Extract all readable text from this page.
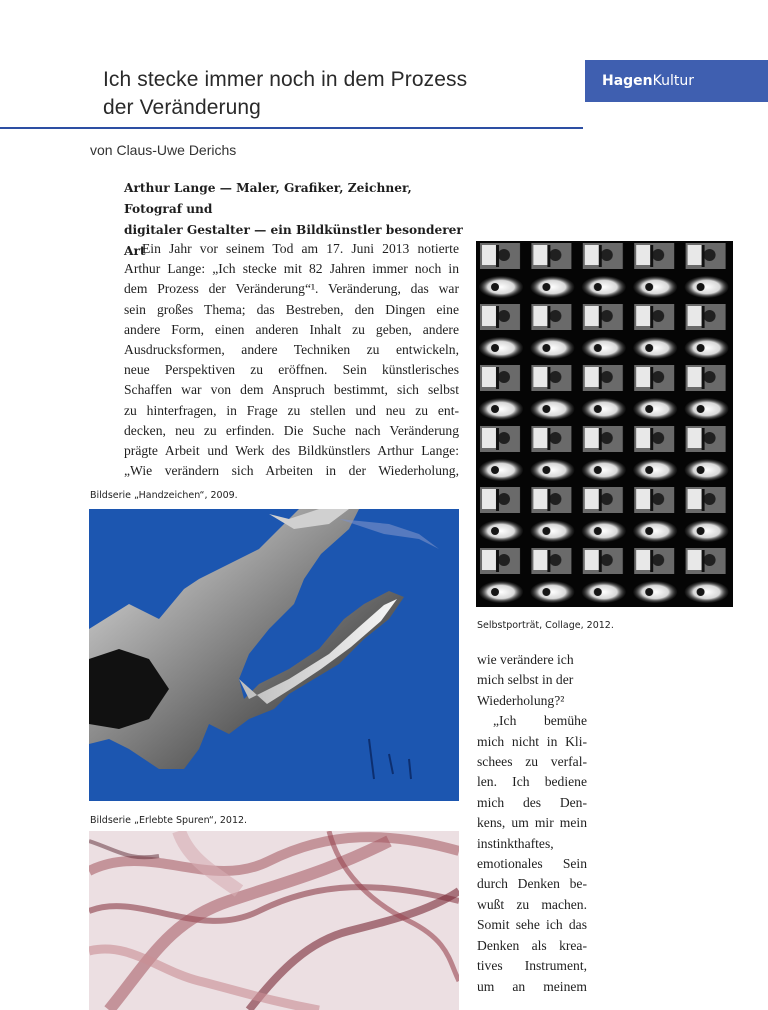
Ich stecke immer noch in dem Prozess
der Veränderung
HagenKultur
von Claus-Uwe Derichs
Arthur Lange — Maler, Grafiker, Zeichner, Fotograf und
digitaler Gestalter — ein Bildkünstler besonderer Art
Ein Jahr vor seinem Tod am 17. Juni 2013 notierte
Arthur Lange: „Ich stecke mit 82 Jahren immer noch in
dem Prozess der Veränderung“¹. Veränderung, das war
sein großes Thema; das Bestreben, den Dingen eine
andere Form, einen anderen Inhalt zu geben, andere
Ausdrucksformen, andere Techniken zu entwickeln,
neue Perspektiven zu eröffnen. Sein künstlerisches
Schaffen war von dem Anspruch bestimmt, sich selbst
zu hinterfragen, in Frage zu stellen und neu zu ent-
decken, neu zu erfinden. Die Suche nach Veränderung
prägte Arbeit und Werk des Bildkünstlers Arthur Lange:
„Wie verändern sich Arbeiten in der Wiederholung,
Selbstporträt, Collage, 2012.
Bildserie „Handzeichen“, 2009.
Bildserie „Erlebte Spuren“, 2012.
wie verändere ich
mich selbst in der
Wiederholung?²
„Ich bemühe
mich nicht in Kli-
schees zu verfal-
len. Ich bediene
mich des Den-
kens, um mir mein
instinkthaftes,
emotionales Sein
durch Denken be-
wußt zu machen.
Somit sehe ich das
Denken als krea-
tives Instrument,
um an meinem
